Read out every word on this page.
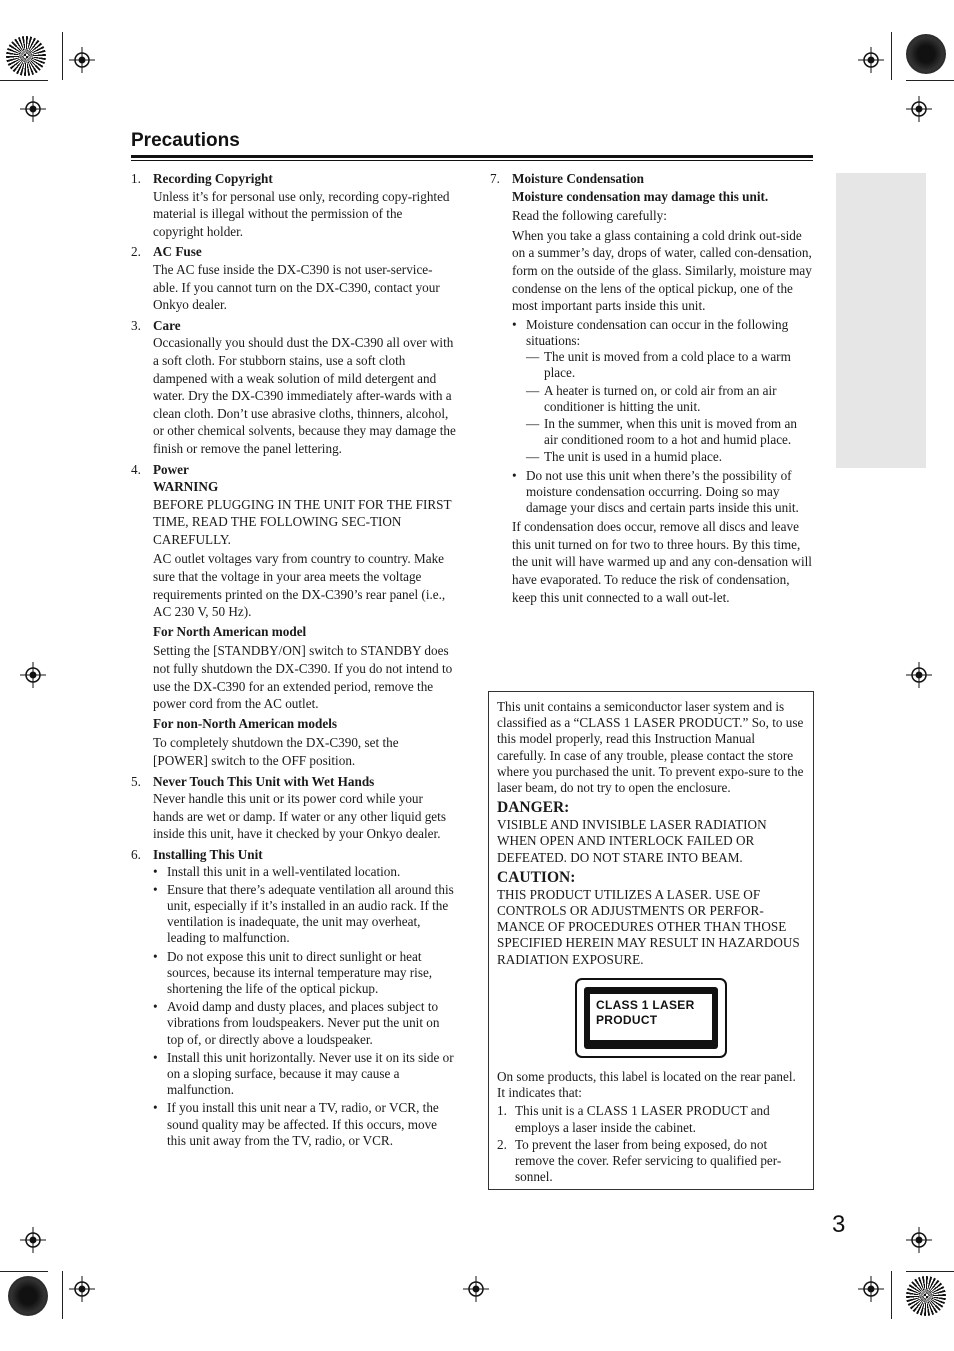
Precautions
1. Recording Copyright
Unless it’s for personal use only, recording copy-righted material is illegal without the permission of the copyright holder.
2. AC Fuse
The AC fuse inside the DX-C390 is not user-service-able. If you cannot turn on the DX-C390, contact your Onkyo dealer.
3. Care
Occasionally you should dust the DX-C390 all over with a soft cloth. For stubborn stains, use a soft cloth dampened with a weak solution of mild detergent and water. Dry the DX-C390 immediately after-wards with a clean cloth. Don’t use abrasive cloths, thinners, alcohol, or other chemical solvents, because they may damage the finish or remove the panel lettering.
4. Power
WARNING
BEFORE PLUGGING IN THE UNIT FOR THE FIRST TIME, READ THE FOLLOWING SEC-TION CAREFULLY.
AC outlet voltages vary from country to country. Make sure that the voltage in your area meets the voltage requirements printed on the DX-C390’s rear panel (i.e., AC 230 V, 50 Hz).
For North American model
Setting the [STANDBY/ON] switch to STANDBY does not fully shutdown the DX-C390. If you do not intend to use the DX-C390 for an extended period, remove the power cord from the AC outlet.
For non-North American models
To completely shutdown the DX-C390, set the [POWER] switch to the OFF position.
5. Never Touch This Unit with Wet Hands
Never handle this unit or its power cord while your hands are wet or damp. If water or any other liquid gets inside this unit, have it checked by your Onkyo dealer.
6. Installing This Unit
• Install this unit in a well-ventilated location.
• Ensure that there’s adequate ventilation all around this unit, especially if it’s installed in an audio rack. If the ventilation is inadequate, the unit may overheat, leading to malfunction.
• Do not expose this unit to direct sunlight or heat sources, because its internal temperature may rise, shortening the life of the optical pickup.
• Avoid damp and dusty places, and places subject to vibrations from loudspeakers. Never put the unit on top of, or directly above a loudspeaker.
• Install this unit horizontally. Never use it on its side or on a sloping surface, because it may cause a malfunction.
• If you install this unit near a TV, radio, or VCR, the sound quality may be affected. If this occurs, move this unit away from the TV, radio, or VCR.
7. Moisture Condensation
Moisture condensation may damage this unit.
Read the following carefully:
When you take a glass containing a cold drink out-side on a summer’s day, drops of water, called con-densation, form on the outside of the glass. Similarly, moisture may condense on the lens of the optical pickup, one of the most important parts inside this unit.
• Moisture condensation can occur in the following situations:
— The unit is moved from a cold place to a warm place.
— A heater is turned on, or cold air from an air conditioner is hitting the unit.
— In the summer, when this unit is moved from an air conditioned room to a hot and humid place.
— The unit is used in a humid place.
• Do not use this unit when there’s the possibility of moisture condensation occurring. Doing so may damage your discs and certain parts inside this unit.
If condensation does occur, remove all discs and leave this unit turned on for two to three hours. By this time, the unit will have warmed up and any con-densation will have evaporated. To reduce the risk of condensation, keep this unit connected to a wall out-let.
This unit contains a semiconductor laser system and is classified as a “CLASS 1 LASER PRODUCT.” So, to use this model properly, read this Instruction Manual carefully. In case of any trouble, please contact the store where you purchased the unit. To prevent expo-sure to the laser beam, do not try to open the enclosure.
DANGER:
VISIBLE AND INVISIBLE LASER RADIATION WHEN OPEN AND INTERLOCK FAILED OR DEFEATED. DO NOT STARE INTO BEAM.
CAUTION:
THIS PRODUCT UTILIZES A LASER. USE OF CONTROLS OR ADJUSTMENTS OR PERFOR-MANCE OF PROCEDURES OTHER THAN THOSE SPECIFIED HEREIN MAY RESULT IN HAZARDOUS RADIATION EXPOSURE.
CLASS 1 LASER
PRODUCT
On some products, this label is located on the rear panel. It indicates that:
1. This unit is a CLASS 1 LASER PRODUCT and employs a laser inside the cabinet.
2. To prevent the laser from being exposed, do not remove the cover. Refer servicing to qualified per-sonnel.
3
